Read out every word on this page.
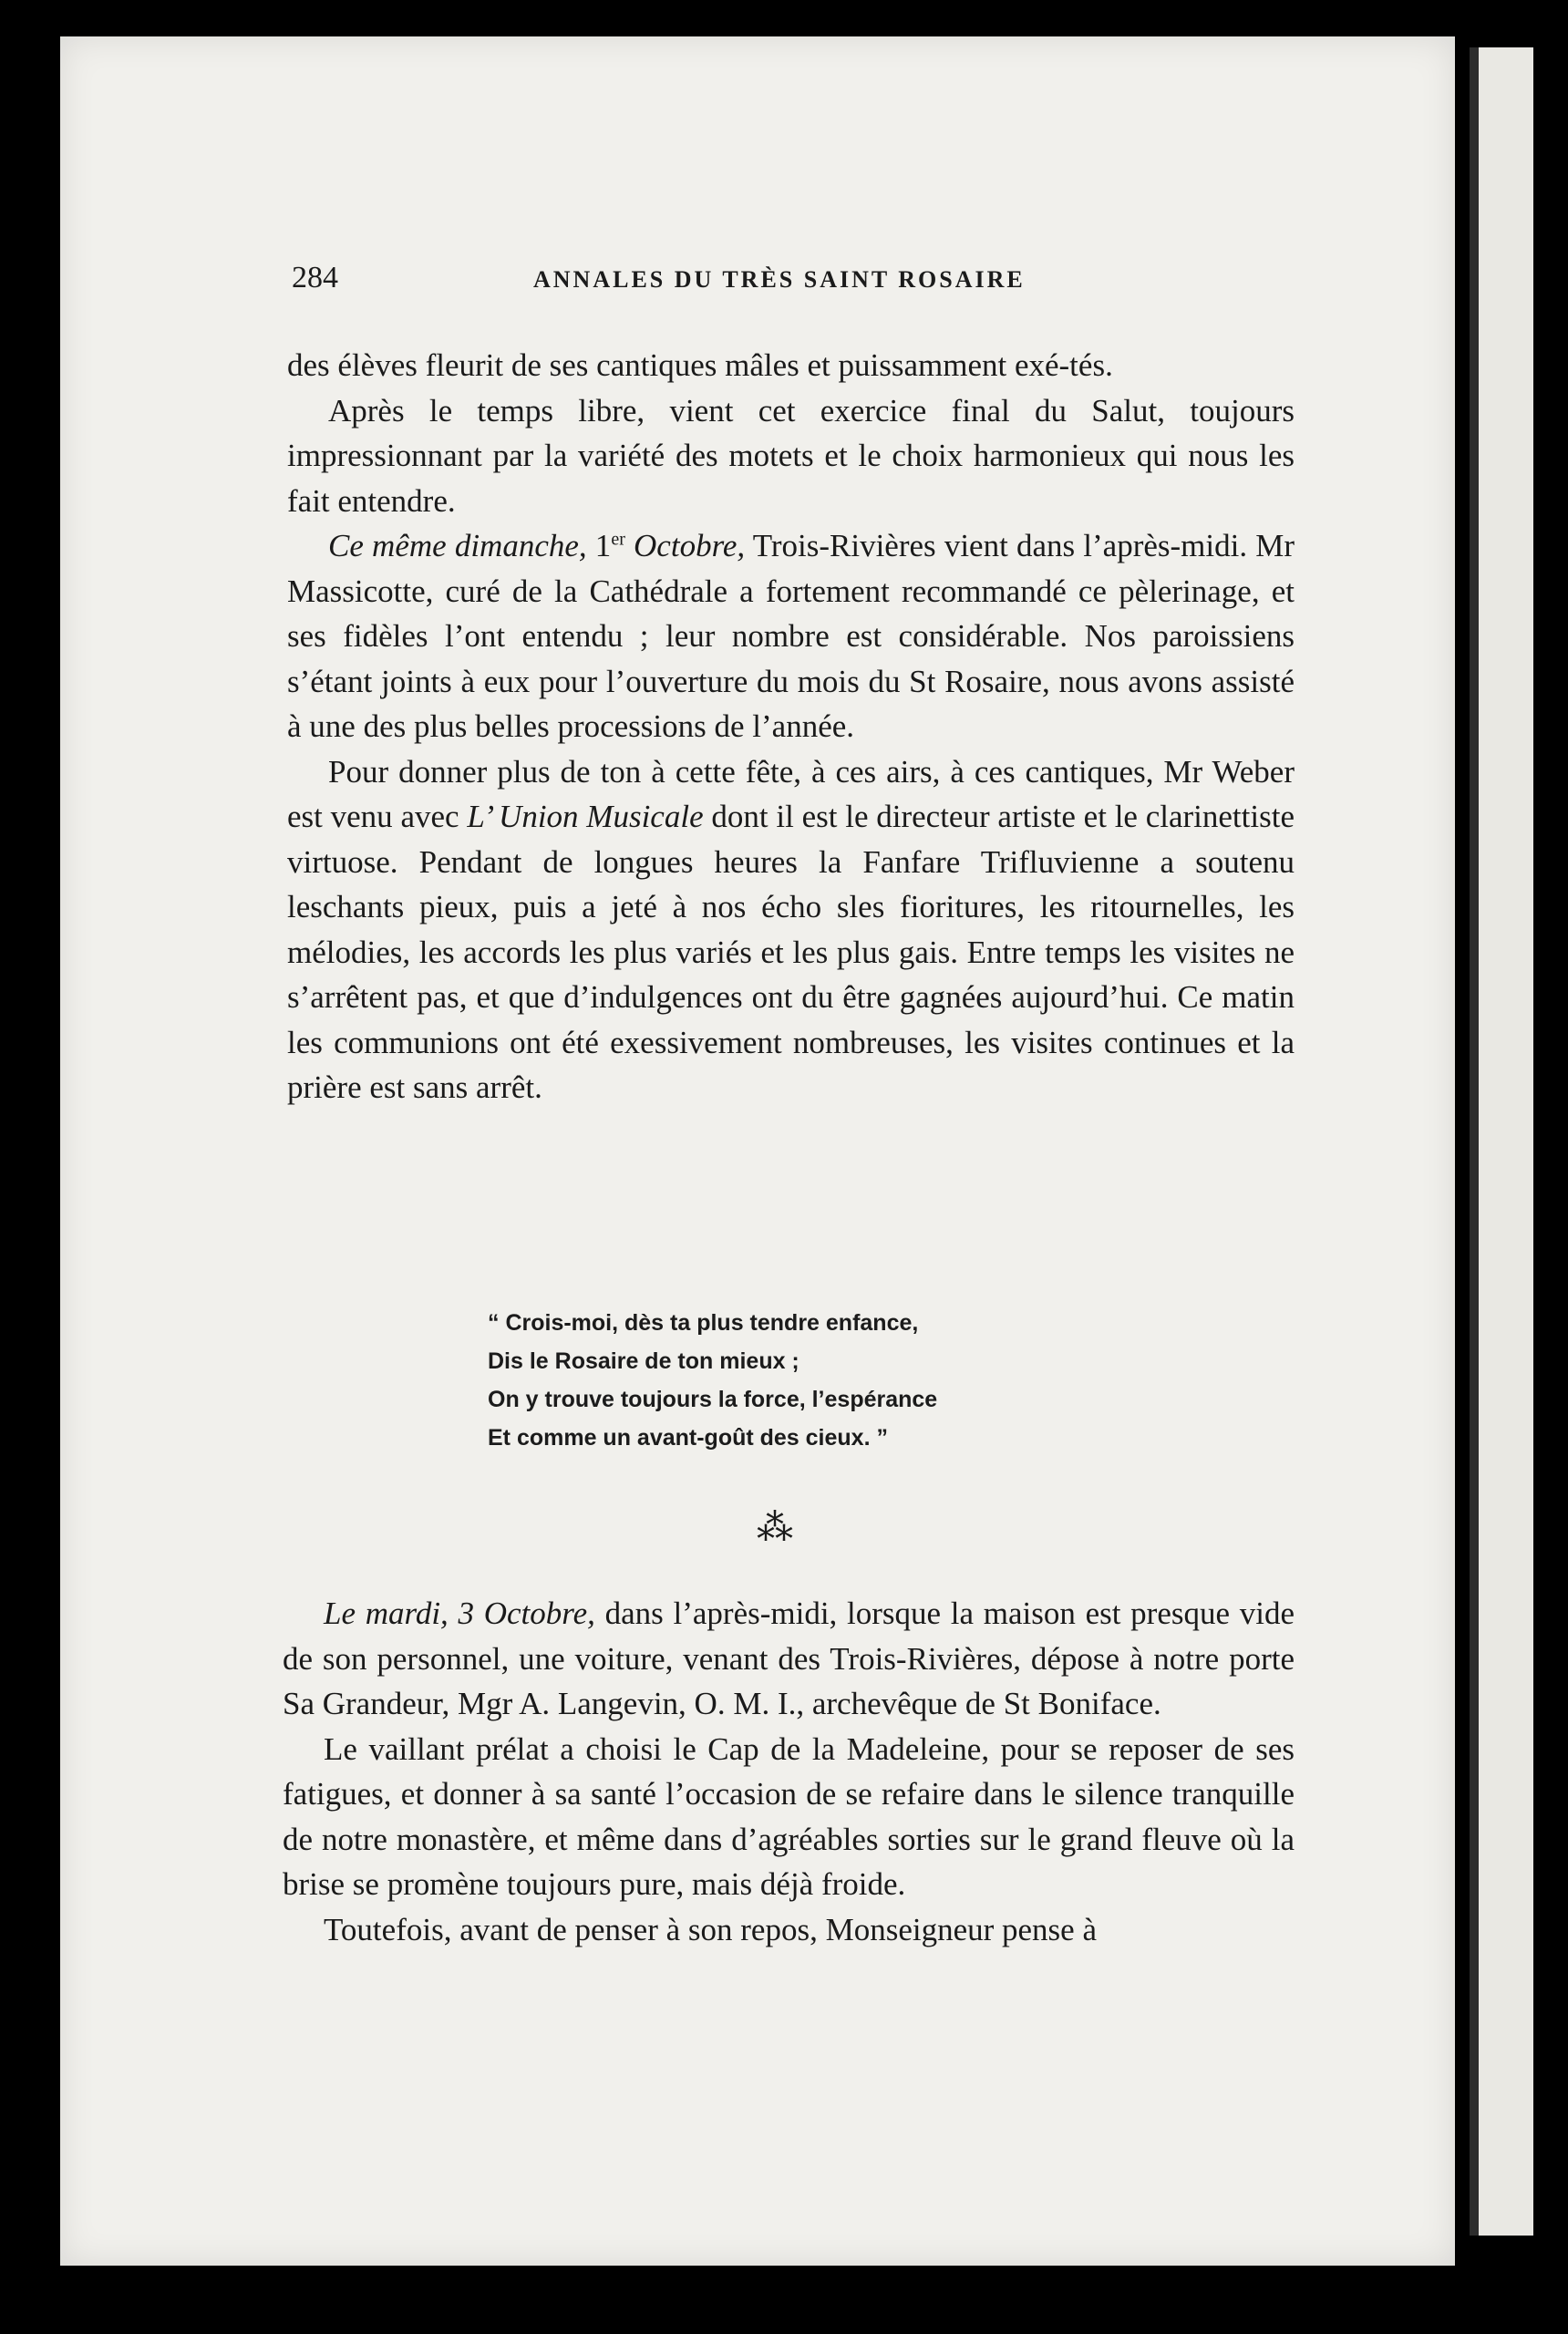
284	ANNALES DU TRÈS SAINT ROSAIRE

des élèves fleurit de ses cantiques mâles et puissamment exé-tés.

Après le temps libre, vient cet exercice final du Salut, toujours impressionnant par la variété des motets et le choix harmonieux qui nous les fait entendre.

Ce même dimanche, 1er Octobre, Trois-Rivières vient dans l’après-midi. Mr Massicotte, curé de la Cathédrale a fortement recommandé ce pèlerinage, et ses fidèles l’ont entendu ; leur nombre est considérable. Nos paroissiens s’étant joints à eux pour l’ouverture du mois du St Rosaire, nous avons assisté à une des plus belles processions de l’année.

Pour donner plus de ton à cette fête, à ces airs, à ces cantiques, Mr Weber est venu avec L’ Union Musicale dont il est le directeur artiste et le clarinettiste virtuose. Pendant de longues heures la Fanfare Trifluvienne a soutenu leschants pieux, puis a jeté à nos écho sles fioritures, les ritournelles, les mélodies, les accords les plus variés et les plus gais. Entre temps les visites ne s’arrêtent pas, et que d’indulgences ont du être gagnées aujourd’hui. Ce matin les communions ont été exessivement nombreuses, les visites continues et la prière est sans arrêt.

“ Crois-moi, dès ta plus tendre enfance,
Dis le Rosaire de ton mieux ;
On y trouve toujours la force, l’espérance
Et comme un avant-goût des cieux. ”
⁂

Le mardi, 3 Octobre, dans l’après-midi, lorsque la maison est presque vide de son personnel, une voiture, venant des Trois-Rivières, dépose à notre porte Sa Grandeur, Mgr A. Langevin, O. M. I., archevêque de St Boniface.

Le vaillant prélat a choisi le Cap de la Madeleine, pour se reposer de ses fatigues, et donner à sa santé l’occasion de se refaire dans le silence tranquille de notre monastère, et même dans d’agréables sorties sur le grand fleuve où la brise se promène toujours pure, mais déjà froide.

Toutefois, avant de penser à son repos, Monseigneur pense à
